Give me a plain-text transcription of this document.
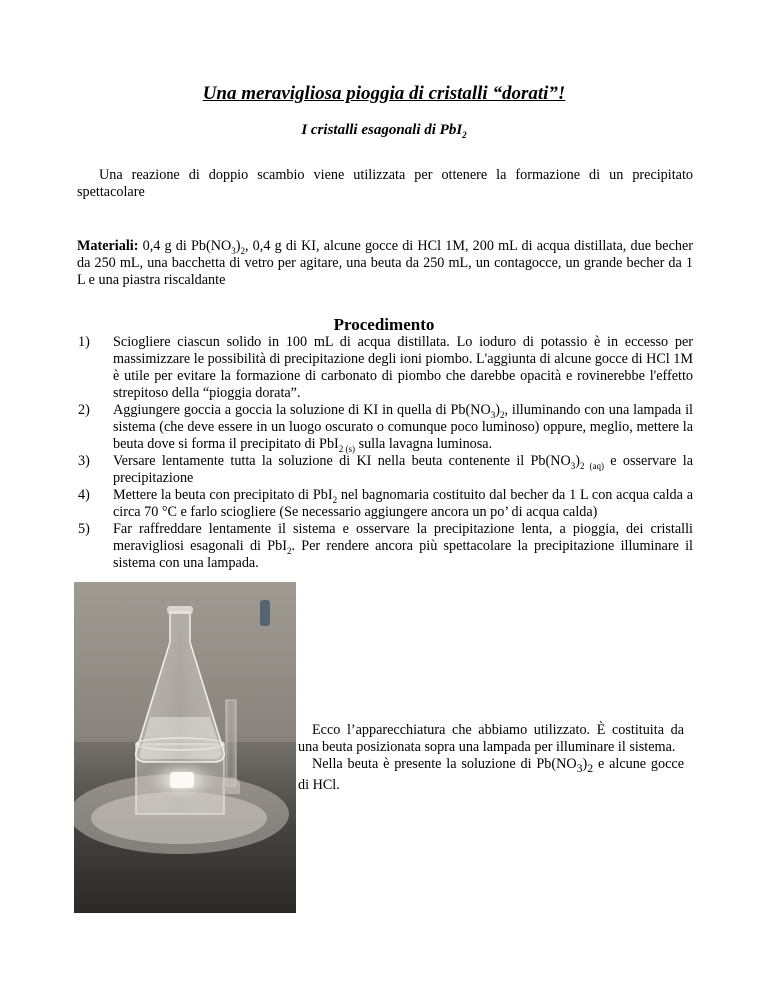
Una meravigliosa pioggia di cristalli “dorati”!
I cristalli esagonali di PbI$_2$
Una reazione di doppio scambio viene utilizzata per ottenere la formazione di un precipitato spettacolare
Materiali: 0,4 g di $Pb(NO_3)_2$, 0,4 g di KI, alcune gocce di HCl 1M, 200 mL di acqua distillata, due becher da 250 mL, una bacchetta di vetro per agitare, una beuta da 250 mL, un contagocce, un grande becher da 1 L e una piastra riscaldante
Procedimento
1) Sciogliere ciascun solido in 100 mL di acqua distillata. Lo ioduro di potassio è in eccesso per massimizzare le possibilità di precipitazione degli ioni piombo. L'aggiunta di alcune gocce di HCl 1M è utile per evitare la formazione di carbonato di piombo che darebbe opacità e rovinerebbe l'effetto strepitoso della “pioggia dorata”.
2) Aggiungere goccia a goccia la soluzione di KI in quella di $Pb(NO_3)_2$, illuminando con una lampada il sistema (che deve essere in un luogo oscurato o comunque poco luminoso) oppure, meglio, mettere la beuta dove si forma il precipitato di PbI$_{2 (s)}$ sulla lavagna luminosa.
3) Versare lentamente tutta la soluzione di KI nella beuta contenente il $Pb(NO_3)_{2 (aq)}$ e osservare la precipitazione
4) Mettere la beuta con precipitato di PbI$_2$ nel bagnomaria costituito dal becher da 1 L con acqua calda a circa 70 °C e farlo sciogliere (Se necessario aggiungere ancora un po’ di acqua calda)
5) Far raffreddare lentamente il sistema e osservare la precipitazione lenta, a pioggia, dei cristalli meravigliosi esagonali di PbI$_2$. Per rendere ancora più spettacolare la precipitazione illuminare il sistema con una lampada.

Ecco l’apparecchiatura che abbiamo utilizzato. È costituita da una beuta posizionata sopra una lampada per illuminare il sistema.

Nella beuta è presente la soluzione di $Pb(NO_3)_2$ e alcune gocce di HCl.
